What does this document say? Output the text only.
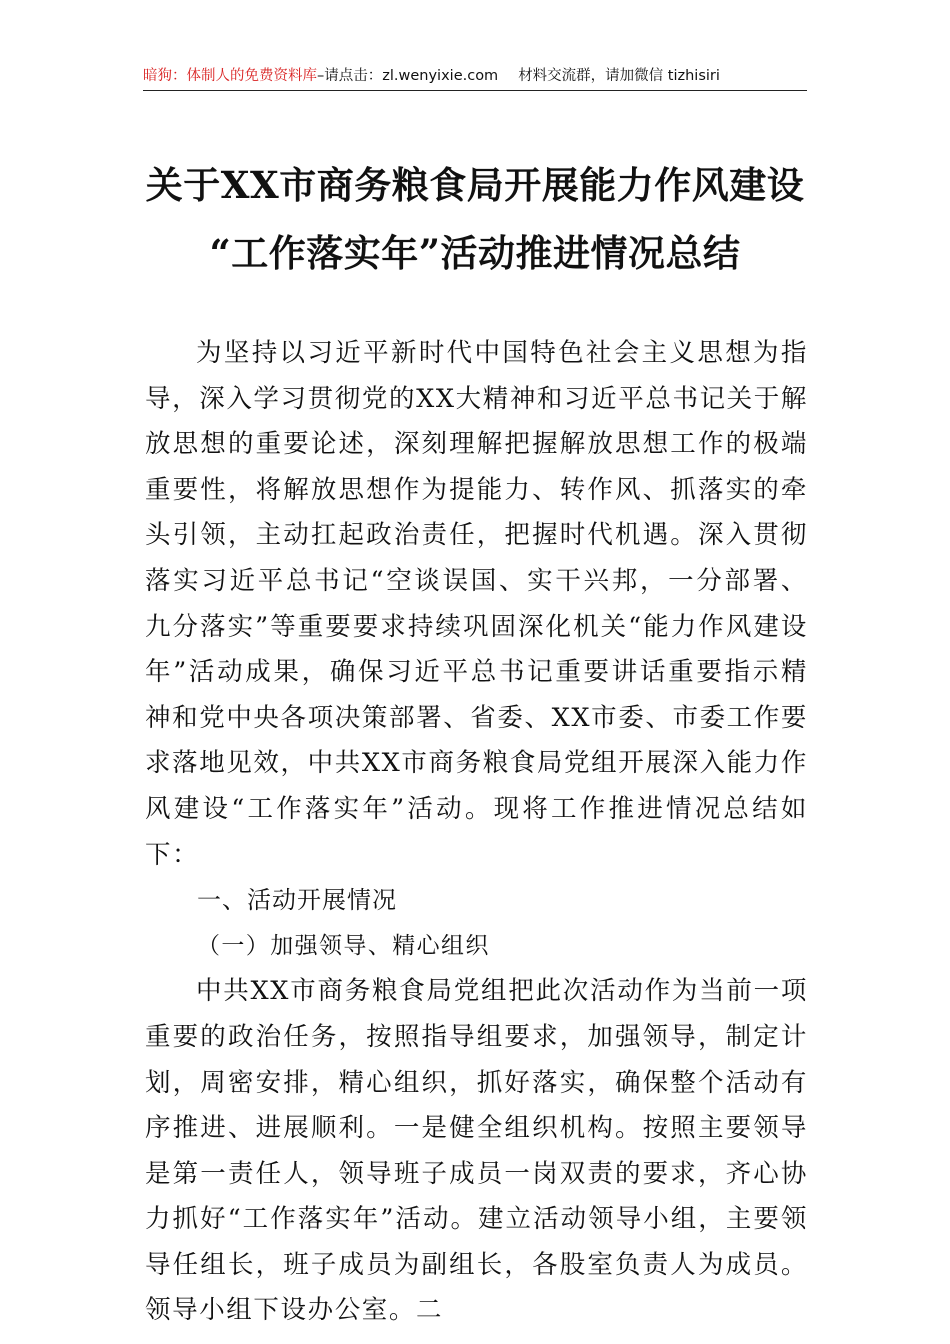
暗狗：体制人的免费资料库–请点击：zl.wenyixie.com 材料交流群，请加微信 tizhisiri
关于XX市商务粮食局开展能力作风建设
“工作落实年”活动推进情况总结

为坚持以习近平新时代中国特色社会主义思想为指导，深入学习贯彻党的XX大精神和习近平总书记关于解放思想的重要论述，深刻理解把握解放思想工作的极端重要性，将解放思想作为提能力、转作风、抓落实的牵头引领，主动扛起政治责任，把握时代机遇。深入贯彻落实习近平总书记“空谈误国、实干兴邦，一分部署、九分落实”等重要要求持续巩固深化机关“能力作风建设年”活动成果，确保习近平总书记重要讲话重要指示精神和党中央各项决策部署、省委、XX市委、市委工作要求落地见效，中共XX市商务粮食局党组开展深入能力作风建设“工作落实年”活动。现将工作推进情况总结如下：

一、活动开展情况

（一）加强领导、精心组织

中共XX市商务粮食局党组把此次活动作为当前一项重要的政治任务，按照指导组要求，加强领导，制定计划，周密安排，精心组织，抓好落实，确保整个活动有序推进、进展顺利。一是健全组织机构。按照主要领导是第一责任人，领导班子成员一岗双责的要求，齐心协力抓好“工作落实年”活动。建立活动领导小组，主要领导任组长，班子成员为副组长，各股室负责人为成员。领导小组下设办公室。二
